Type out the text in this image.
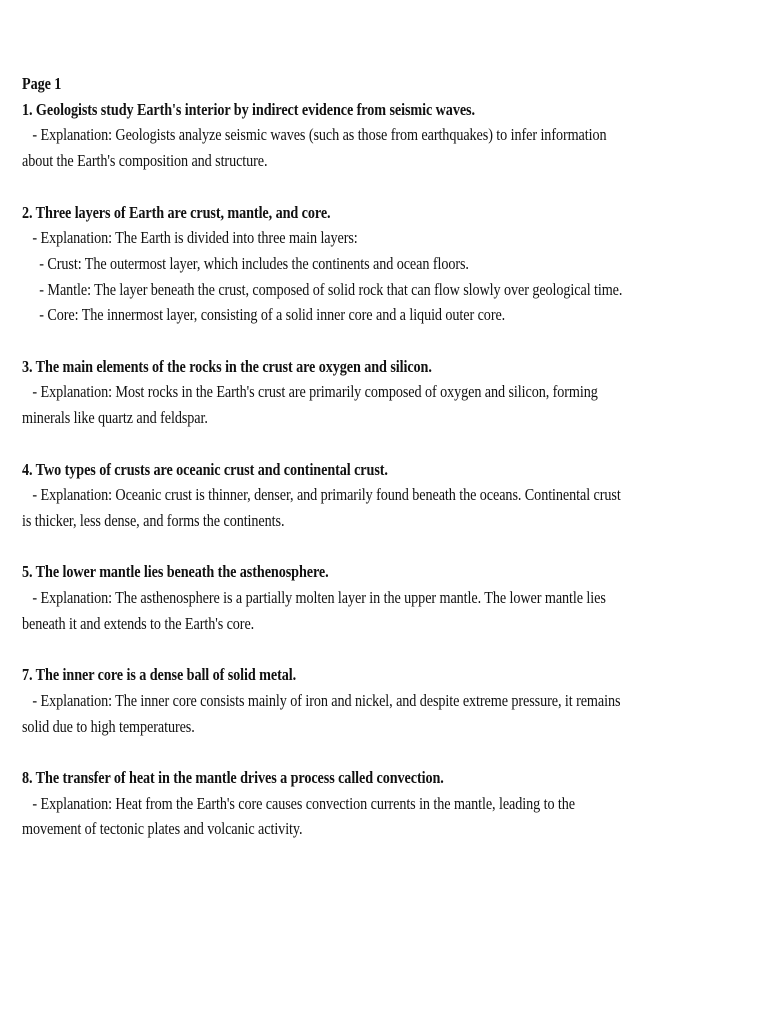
Page 1
1. Geologists study Earth's interior by indirect evidence from seismic waves.
- Explanation: Geologists analyze seismic waves (such as those from earthquakes) to infer information
about the Earth's composition and structure.
2. Three layers of Earth are crust, mantle, and core.
- Explanation: The Earth is divided into three main layers:
- Crust: The outermost layer, which includes the continents and ocean floors.
- Mantle: The layer beneath the crust, composed of solid rock that can flow slowly over geological time.
- Core: The innermost layer, consisting of a solid inner core and a liquid outer core.
3. The main elements of the rocks in the crust are oxygen and silicon.
- Explanation: Most rocks in the Earth's crust are primarily composed of oxygen and silicon, forming
minerals like quartz and feldspar.
4. Two types of crusts are oceanic crust and continental crust.
- Explanation: Oceanic crust is thinner, denser, and primarily found beneath the oceans. Continental crust
is thicker, less dense, and forms the continents.
5. The lower mantle lies beneath the asthenosphere.
- Explanation: The asthenosphere is a partially molten layer in the upper mantle. The lower mantle lies
beneath it and extends to the Earth's core.
7. The inner core is a dense ball of solid metal.
- Explanation: The inner core consists mainly of iron and nickel, and despite extreme pressure, it remains
solid due to high temperatures.
8. The transfer of heat in the mantle drives a process called convection.
- Explanation: Heat from the Earth's core causes convection currents in the mantle, leading to the
movement of tectonic plates and volcanic activity.
